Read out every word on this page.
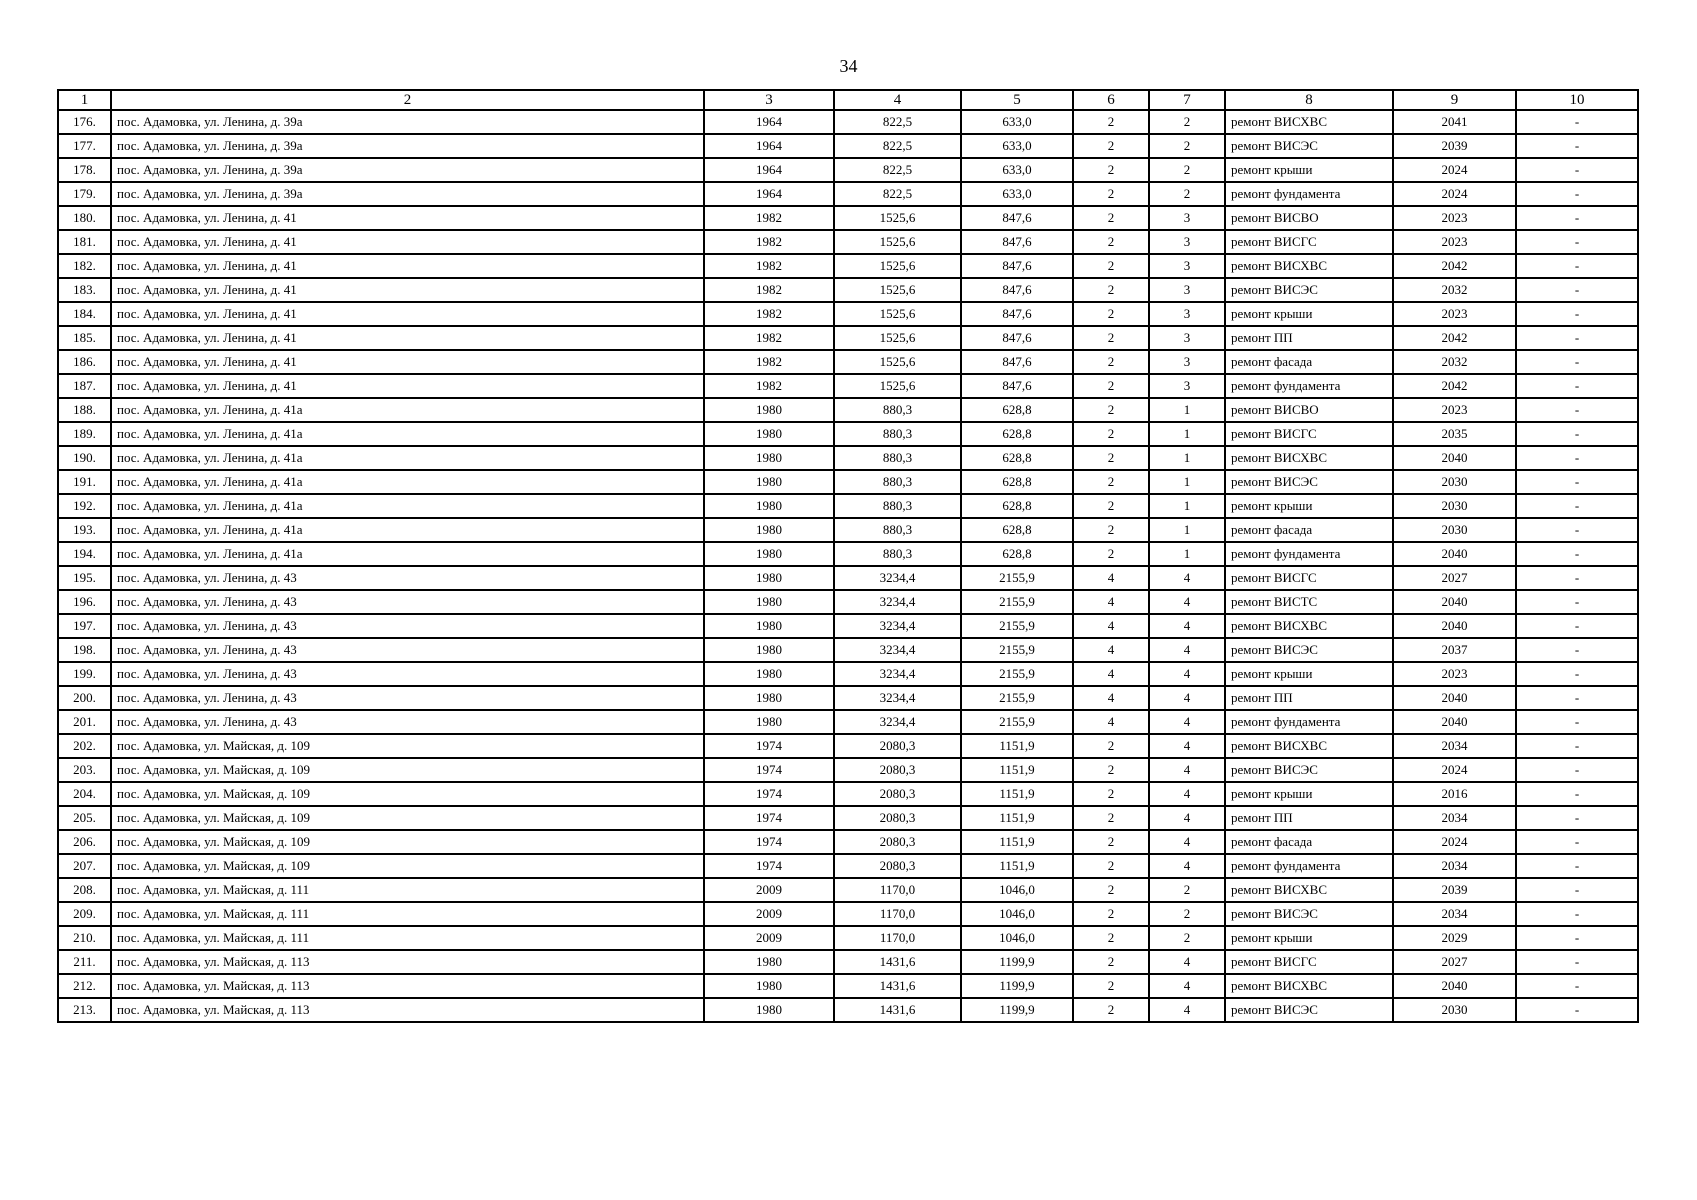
34
1	2	3	4	5	6	7	8	9	10
176.	пос. Адамовка, ул. Ленина, д. 39а	1964	822,5	633,0	2	2	ремонт ВИСХВС	2041	-
177.	пос. Адамовка, ул. Ленина, д. 39а	1964	822,5	633,0	2	2	ремонт ВИСЭС	2039	-
178.	пос. Адамовка, ул. Ленина, д. 39а	1964	822,5	633,0	2	2	ремонт крыши	2024	-
179.	пос. Адамовка, ул. Ленина, д. 39а	1964	822,5	633,0	2	2	ремонт фундамента	2024	-
180.	пос. Адамовка, ул. Ленина, д. 41	1982	1525,6	847,6	2	3	ремонт ВИСВО	2023	-
181.	пос. Адамовка, ул. Ленина, д. 41	1982	1525,6	847,6	2	3	ремонт ВИСГС	2023	-
182.	пос. Адамовка, ул. Ленина, д. 41	1982	1525,6	847,6	2	3	ремонт ВИСХВС	2042	-
183.	пос. Адамовка, ул. Ленина, д. 41	1982	1525,6	847,6	2	3	ремонт ВИСЭС	2032	-
184.	пос. Адамовка, ул. Ленина, д. 41	1982	1525,6	847,6	2	3	ремонт крыши	2023	-
185.	пос. Адамовка, ул. Ленина, д. 41	1982	1525,6	847,6	2	3	ремонт ПП	2042	-
186.	пос. Адамовка, ул. Ленина, д. 41	1982	1525,6	847,6	2	3	ремонт фасада	2032	-
187.	пос. Адамовка, ул. Ленина, д. 41	1982	1525,6	847,6	2	3	ремонт фундамента	2042	-
188.	пос. Адамовка, ул. Ленина, д. 41а	1980	880,3	628,8	2	1	ремонт ВИСВО	2023	-
189.	пос. Адамовка, ул. Ленина, д. 41а	1980	880,3	628,8	2	1	ремонт ВИСГС	2035	-
190.	пос. Адамовка, ул. Ленина, д. 41а	1980	880,3	628,8	2	1	ремонт ВИСХВС	2040	-
191.	пос. Адамовка, ул. Ленина, д. 41а	1980	880,3	628,8	2	1	ремонт ВИСЭС	2030	-
192.	пос. Адамовка, ул. Ленина, д. 41а	1980	880,3	628,8	2	1	ремонт крыши	2030	-
193.	пос. Адамовка, ул. Ленина, д. 41а	1980	880,3	628,8	2	1	ремонт фасада	2030	-
194.	пос. Адамовка, ул. Ленина, д. 41а	1980	880,3	628,8	2	1	ремонт фундамента	2040	-
195.	пос. Адамовка, ул. Ленина, д. 43	1980	3234,4	2155,9	4	4	ремонт ВИСГС	2027	-
196.	пос. Адамовка, ул. Ленина, д. 43	1980	3234,4	2155,9	4	4	ремонт ВИСТС	2040	-
197.	пос. Адамовка, ул. Ленина, д. 43	1980	3234,4	2155,9	4	4	ремонт ВИСХВС	2040	-
198.	пос. Адамовка, ул. Ленина, д. 43	1980	3234,4	2155,9	4	4	ремонт ВИСЭС	2037	-
199.	пос. Адамовка, ул. Ленина, д. 43	1980	3234,4	2155,9	4	4	ремонт крыши	2023	-
200.	пос. Адамовка, ул. Ленина, д. 43	1980	3234,4	2155,9	4	4	ремонт ПП	2040	-
201.	пос. Адамовка, ул. Ленина, д. 43	1980	3234,4	2155,9	4	4	ремонт фундамента	2040	-
202.	пос. Адамовка, ул. Майская, д. 109	1974	2080,3	1151,9	2	4	ремонт ВИСХВС	2034	-
203.	пос. Адамовка, ул. Майская, д. 109	1974	2080,3	1151,9	2	4	ремонт ВИСЭС	2024	-
204.	пос. Адамовка, ул. Майская, д. 109	1974	2080,3	1151,9	2	4	ремонт крыши	2016	-
205.	пос. Адамовка, ул. Майская, д. 109	1974	2080,3	1151,9	2	4	ремонт ПП	2034	-
206.	пос. Адамовка, ул. Майская, д. 109	1974	2080,3	1151,9	2	4	ремонт фасада	2024	-
207.	пос. Адамовка, ул. Майская, д. 109	1974	2080,3	1151,9	2	4	ремонт фундамента	2034	-
208.	пос. Адамовка, ул. Майская, д. 111	2009	1170,0	1046,0	2	2	ремонт ВИСХВС	2039	-
209.	пос. Адамовка, ул. Майская, д. 111	2009	1170,0	1046,0	2	2	ремонт ВИСЭС	2034	-
210.	пос. Адамовка, ул. Майская, д. 111	2009	1170,0	1046,0	2	2	ремонт крыши	2029	-
211.	пос. Адамовка, ул. Майская, д. 113	1980	1431,6	1199,9	2	4	ремонт ВИСГС	2027	-
212.	пос. Адамовка, ул. Майская, д. 113	1980	1431,6	1199,9	2	4	ремонт ВИСХВС	2040	-
213.	пос. Адамовка, ул. Майская, д. 113	1980	1431,6	1199,9	2	4	ремонт ВИСЭС	2030	-
